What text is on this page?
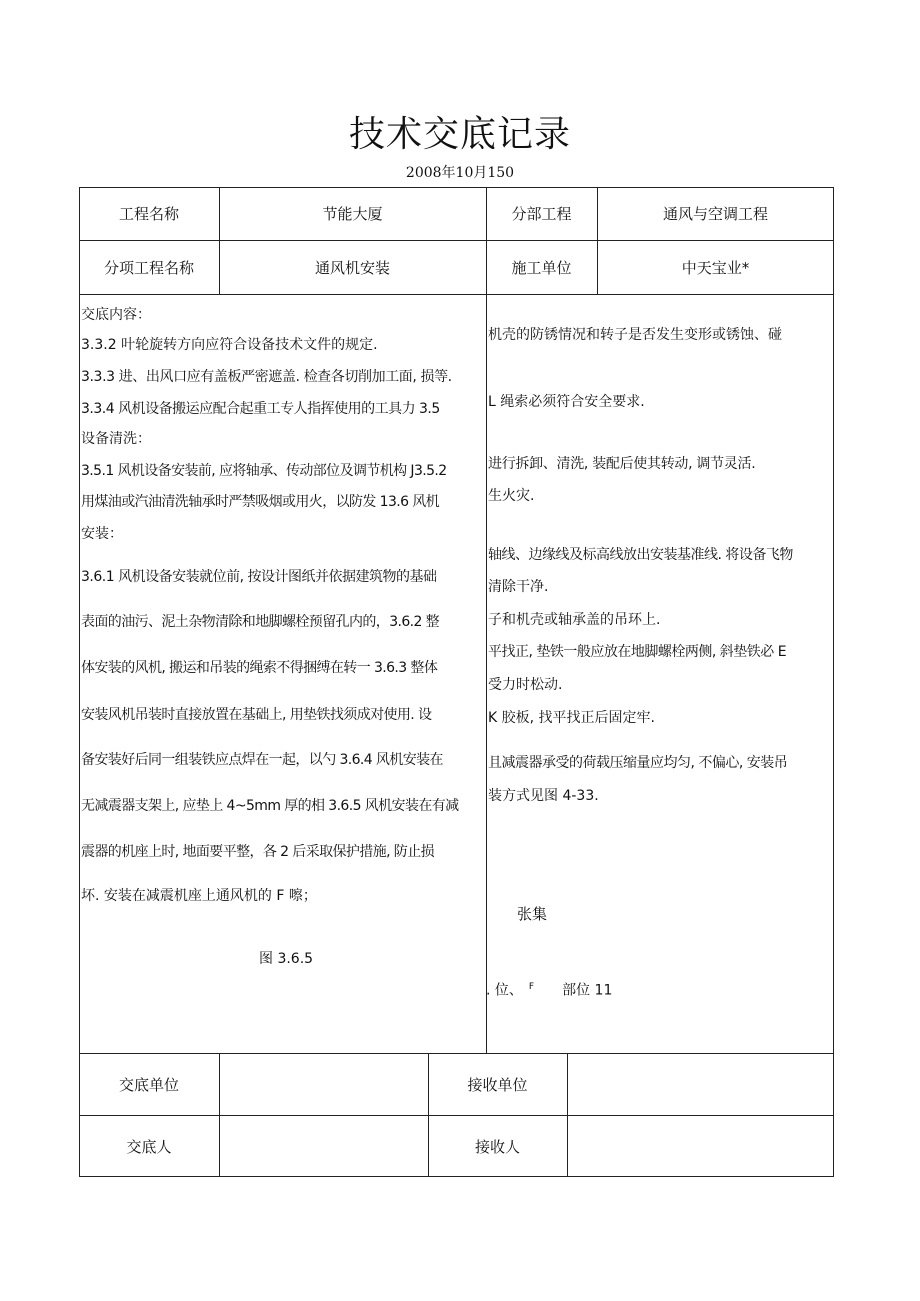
技术交底记录
2008年10月150
工程名称	节能大厦	分部工程	通风与空调工程
分项工程名称	通风机安装	施工单位	中天宝业*
交底内容：
3.3.2 叶轮旋转方向应符合设备技术文件的规定.
3.3.3 进、出风口应有盖板严密遮盖. 检查各切削加工面, 损等.
3.3.4 风机设备搬运应配合起重工专人指挥使用的工具力 3.5
设备清洗：
3.5.1 风机设备安装前, 应将轴承、传动部位及调节机构 J3.5.2
用煤油或汽油清洗轴承时严禁吸烟或用火，以防发 13.6 风机
安装：
3.6.1 风机设备安装就位前, 按设计图纸并依据建筑物的基础
表面的油污、泥土杂物清除和地脚螺栓预留孔内的，3.6.2 整
体安装的风机, 搬运和吊装的绳索不得捆缚在转一 3.6.3 整体
安装风机吊装时直接放置在基础上, 用垫铁找须成对使用. 设
备安装好后同一组装铁应点焊在一起，以勺 3.6.4 风机安装在
无减震器支架上, 应垫上 4~5mm 厚的相 3.6.5 风机安装在有减
震器的机座上时, 地面要平整，各 2 后采取保护措施, 防止损
坏. 安装在减震机座上通风机的 F 嚓；
图 3.6.5
机壳的防锈情况和转子是否发生变形或锈蚀、碰
L 绳索必须符合安全要求.
进行拆卸、清洗, 装配后使其转动, 调节灵活.
生火灾.
轴线、边缘线及标高线放出安装基准线. 将设备飞物
清除干净.
子和机壳或轴承盖的吊环上.
平找正, 垫铁一般应放在地脚螺栓两侧, 斜垫铁必 E
受力时松动.
K 胶板, 找平找正后固定牢.
且减震器承受的荷载压缩量应均匀, 不偏心, 安装吊
装方式见图 4-33.
张集
. 位、 $^F$ 部位 11
交底单位	接收单位
交底人	接收人
